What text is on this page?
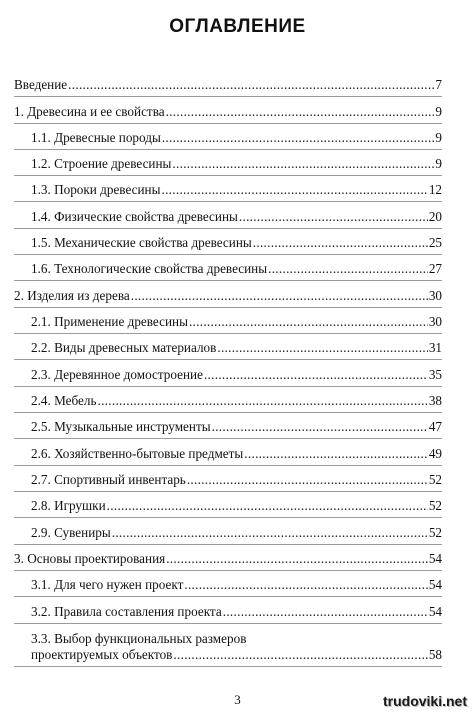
ОГЛАВЛЕНИЕ
Введение .....	7
1. Древесина и ее свойства .....	9
1.1. Древесные породы .....	9
1.2. Строение древесины .....	9
1.3. Пороки древесины .....	12
1.4. Физические свойства древесины .....	20
1.5. Механические свойства древесины .....	25
1.6. Технологические свойства древесины .....	27
2. Изделия из дерева .....	30
2.1. Применение древесины .....	30
2.2. Виды древесных материалов .....	31
2.3. Деревянное домостроение .....	35
2.4. Мебель .....	38
2.5. Музыкальные инструменты .....	47
2.6. Хозяйственно-бытовые предметы .....	49
2.7. Спортивный инвентарь .....	52
2.8. Игрушки .....	52
2.9. Сувениры .....	52
3. Основы проектирования .....	54
3.1. Для чего нужен проект .....	54
3.2. Правила составления проекта .....	54
3.3. Выбор функциональных размеров
проектируемых объектов .....	58
3	trudoviki.net
